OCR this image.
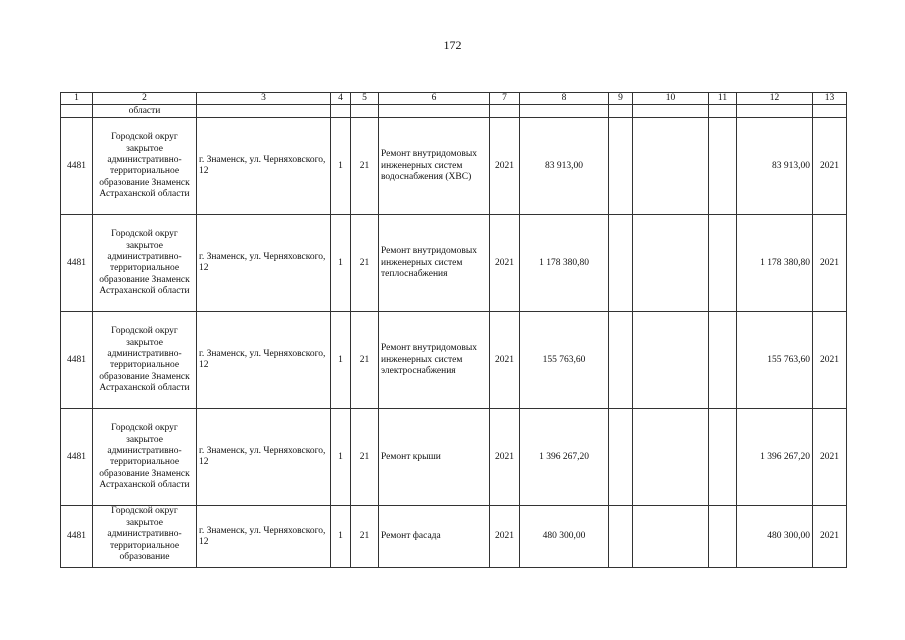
172
1	2	3	4	5	6	7	8	9	10	11	12	13
	области											
4481	Городской округ закрытое административно-территориальное образование Знаменск Астраханской области	г. Знаменск, ул. Черняховского, 12	1	21	Ремонт внутридомовых инженерных систем водоснабжения (ХВС)	2021	83 913,00				83 913,00	2021
4481	Городской округ закрытое административно-территориальное образование Знаменск Астраханской области	г. Знаменск, ул. Черняховского, 12	1	21	Ремонт внутридомовых инженерных систем теплоснабжения	2021	1 178 380,80				1 178 380,80	2021
4481	Городской округ закрытое административно-территориальное образование Знаменск Астраханской области	г. Знаменск, ул. Черняховского, 12	1	21	Ремонт внутридомовых инженерных систем электроснабжения	2021	155 763,60				155 763,60	2021
4481	Городской округ закрытое административно-территориальное образование Знаменск Астраханской области	г. Знаменск, ул. Черняховского, 12	1	21	Ремонт крыши	2021	1 396 267,20				1 396 267,20	2021
4481	Городской округ закрытое административно-территориальное образование	г. Знаменск, ул. Черняховского, 12	1	21	Ремонт фасада	2021	480 300,00				480 300,00	2021
